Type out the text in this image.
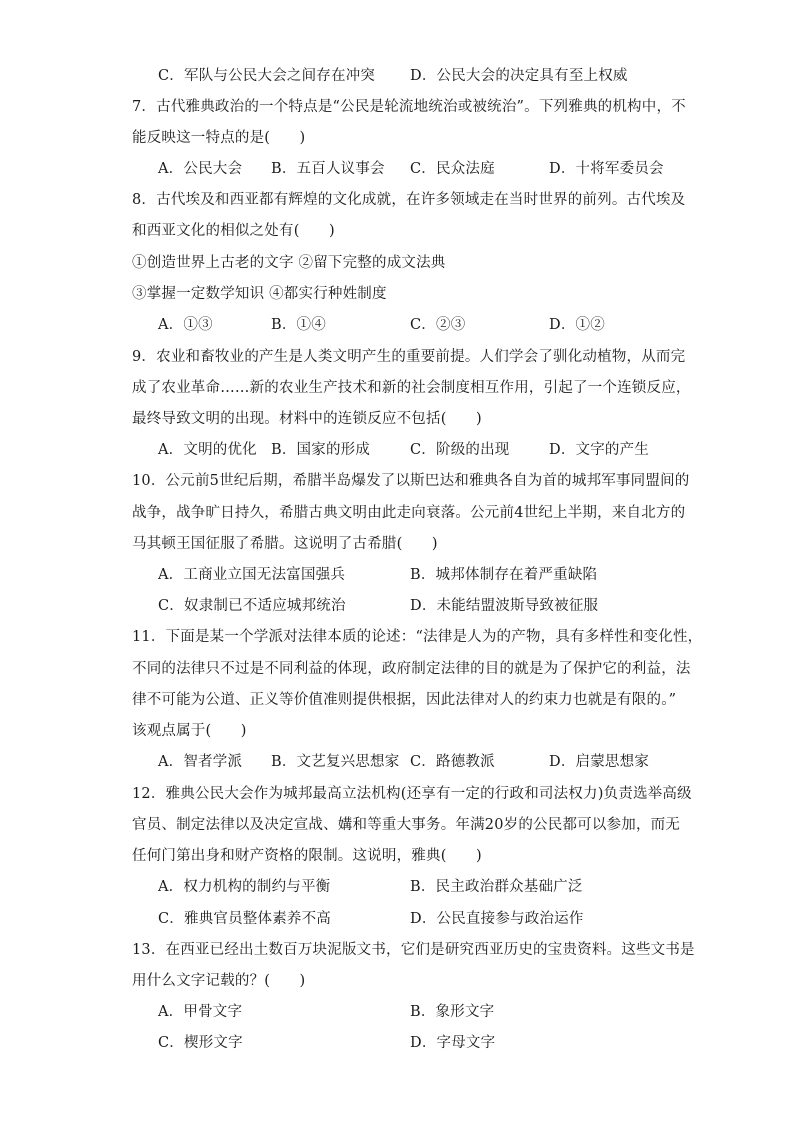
C．军队与公民大会之间存在冲突 D．公民大会的决定具有至上权威
7．古代雅典政治的一个特点是“公民是轮流地统治或被统治”。下列雅典的机构中，不
能反映这一特点的是(　　)
A．公民大会 B．五百人议事会 C．民众法庭	D．十将军委员会
8．古代埃及和西亚都有辉煌的文化成就，在许多领域走在当时世界的前列。古代埃及
和西亚文化的相似之处有(　　)
①创造世界上古老的文字 ②留下完整的成文法典
③掌握一定数学知识 ④都实行种姓制度
A．①③	B．①④	C．②③	D．①②
9．农业和畜牧业的产生是人类文明产生的重要前提。人们学会了驯化动植物，从而完
成了农业革命……新的农业生产技术和新的社会制度相互作用，引起了一个连锁反应，
最终导致文明的出现。材料中的连锁反应不包括(　　)
A．文明的优化 B．国家的形成	C．阶级的出现	D．文字的产生
10．公元前5世纪后期，希腊半岛爆发了以斯巴达和雅典各自为首的城邦军事同盟间的
战争，战争旷日持久，希腊古典文明由此走向衰落。公元前4世纪上半期，来自北方的
马其顿王国征服了希腊。这说明了古希腊(　　)
A．工商业立国无法富国强兵	B．城邦体制存在着严重缺陷
C．奴隶制已不适应城邦统治	D．未能结盟波斯导致被征服
11．下面是某一个学派对法律本质的论述：“法律是人为的产物，具有多样性和变化性，
不同的法律只不过是不同利益的体现，政府制定法律的目的就是为了保护它的利益，法
律不可能为公道、正义等价值准则提供根据，因此法律对人的约束力也就是有限的。”
该观点属于(　　)
A．智者学派 B．文艺复兴思想家 C．路德教派	D．启蒙思想家
12．雅典公民大会作为城邦最高立法机构(还享有一定的行政和司法权力)负责选举高级
官员、制定法律以及决定宣战、媾和等重大事务。年满20岁的公民都可以参加，而无
任何门第出身和财产资格的限制。这说明，雅典(　　)
A．权力机构的制约与平衡	B．民主政治群众基础广泛
C．雅典官员整体素养不高	D．公民直接参与政治运作
13．在西亚已经出土数百万块泥版文书，它们是研究西亚历史的宝贵资料。这些文书是
用什么文字记载的？(　　)
A．甲骨文字	B．象形文字
C．楔形文字	D．字母文字
